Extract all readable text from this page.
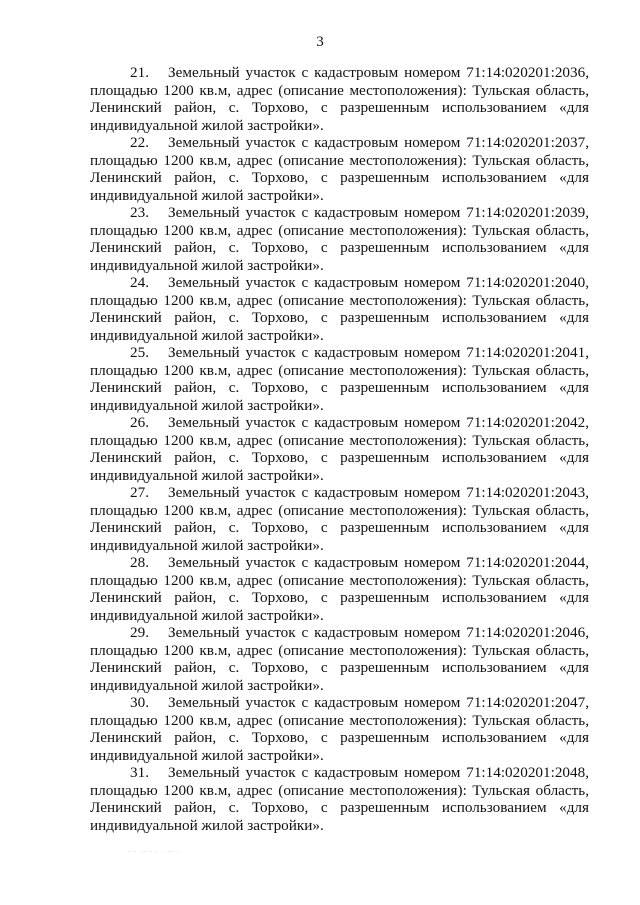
3

21. Земельный участок с кадастровым номером 71:14:020201:2036, площадью 1200 кв.м, адрес (описание местоположения): Тульская область, Ленинский район, с. Торхово, с разрешенным использованием «для индивидуальной жилой застройки».

22. Земельный участок с кадастровым номером 71:14:020201:2037, площадью 1200 кв.м, адрес (описание местоположения): Тульская область, Ленинский район, с. Торхово, с разрешенным использованием «для индивидуальной жилой застройки».

23. Земельный участок с кадастровым номером 71:14:020201:2039, площадью 1200 кв.м, адрес (описание местоположения): Тульская область, Ленинский район, с. Торхово, с разрешенным использованием «для индивидуальной жилой застройки».

24. Земельный участок с кадастровым номером 71:14:020201:2040, площадью 1200 кв.м, адрес (описание местоположения): Тульская область, Ленинский район, с. Торхово, с разрешенным использованием «для индивидуальной жилой застройки».

25. Земельный участок с кадастровым номером 71:14:020201:2041, площадью 1200 кв.м, адрес (описание местоположения): Тульская область, Ленинский район, с. Торхово, с разрешенным использованием «для индивидуальной жилой застройки».

26. Земельный участок с кадастровым номером 71:14:020201:2042, площадью 1200 кв.м, адрес (описание местоположения): Тульская область, Ленинский район, с. Торхово, с разрешенным использованием «для индивидуальной жилой застройки».

27. Земельный участок с кадастровым номером 71:14:020201:2043, площадью 1200 кв.м, адрес (описание местоположения): Тульская область, Ленинский район, с. Торхово, с разрешенным использованием «для индивидуальной жилой застройки».

28. Земельный участок с кадастровым номером 71:14:020201:2044, площадью 1200 кв.м, адрес (описание местоположения): Тульская область, Ленинский район, с. Торхово, с разрешенным использованием «для индивидуальной жилой застройки».

29. Земельный участок с кадастровым номером 71:14:020201:2046, площадью 1200 кв.м, адрес (описание местоположения): Тульская область, Ленинский район, с. Торхово, с разрешенным использованием «для индивидуальной жилой застройки».

30. Земельный участок с кадастровым номером 71:14:020201:2047, площадью 1200 кв.м, адрес (описание местоположения): Тульская область, Ленинский район, с. Торхово, с разрешенным использованием «для индивидуальной жилой застройки».

31. Земельный участок с кадастровым номером 71:14:020201:2048, площадью 1200 кв.м, адрес (описание местоположения): Тульская область, Ленинский район, с. Торхово, с разрешенным использованием «для индивидуальной жилой застройки».

· · ·· · · · ·· ·
